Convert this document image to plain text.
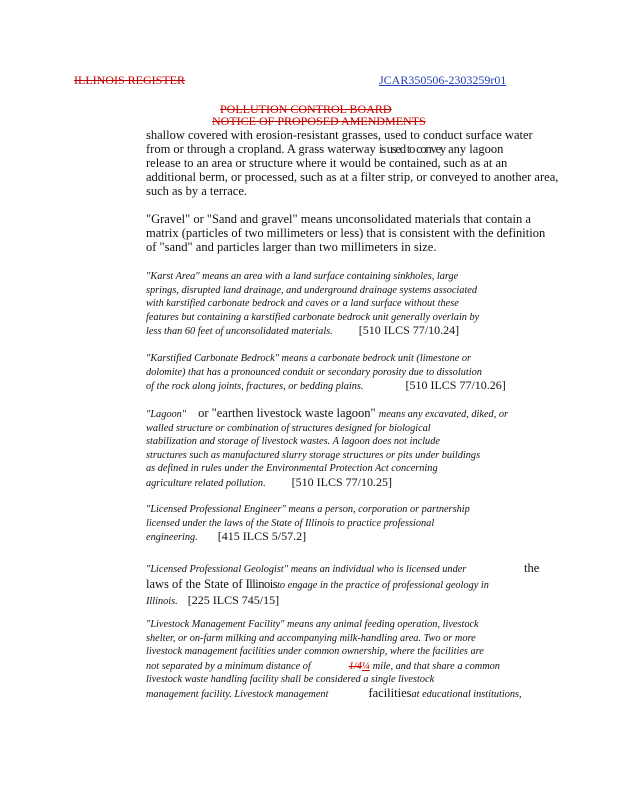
ILLINOIS REGISTER	JCAR350506-2303259r01
POLLUTION CONTROL BOARD
NOTICE OF PROPOSED AMENDMENTS
shallow covered with erosion-resistant grasses, used to conduct surface water
from or through a cropland. A grass waterway is used to convey any lagoon
release to an area or structure where it would be contained, such as at an
additional berm, or processed, such as at a filter strip, or conveyed to another area,
such as by a terrace.
"Gravel" or "Sand and gravel" means unconsolidated materials that contain a
matrix (particles of two millimeters or less) that is consistent with the definition
of "sand" and particles larger than two millimeters in size.
"Karst Area" means an area with a land surface containing sinkholes, large
springs, disrupted land drainage, and underground drainage systems associated
with karstified carbonate bedrock and caves or a land surface without these
features but containing a karstified carbonate bedrock unit generally overlain by
less than 60 feet of unconsolidated materials. [510 ILCS 77/10.24]
"Karstified Carbonate Bedrock" means a carbonate bedrock unit (limestone or
dolomite) that has a pronounced conduit or secondary porosity due to dissolution
of the rock along joints, fractures, or bedding plains.	[510 ILCS 77/10.26]
"Lagoon" or "earthen livestock waste lagoon" means any excavated, diked, or
walled structure or combination of structures designed for biological
stabilization and storage of livestock wastes. A lagoon does not include
structures such as manufactured slurry storage structures or pits under buildings
as defined in rules under the Environmental Protection Act concerning
agriculture related pollution. [510 ILCS 77/10.25]
"Licensed Professional Engineer" means a person, corporation or partnership
licensed under the laws of the State of Illinois to practice professional
engineering. [415 ILCS 5/57.2]
"Licensed Professional Geologist" means an individual who is licensed under	the
laws of the State of Illinoisto engage in the practice of professional geology in
Illinois. [225 ILCS 745/15]
"Livestock Management Facility" means any animal feeding operation, livestock
shelter, or on-farm milking and accompanying milk-handling area. Two or more
livestock management facilities under common ownership, where the facilities are
not separated by a minimum distance of	1/4¼ mile, and that share a common
livestock waste handling facility shall be considered a single livestock
management facility. Livestock management	facilitiesat educational institutions,
